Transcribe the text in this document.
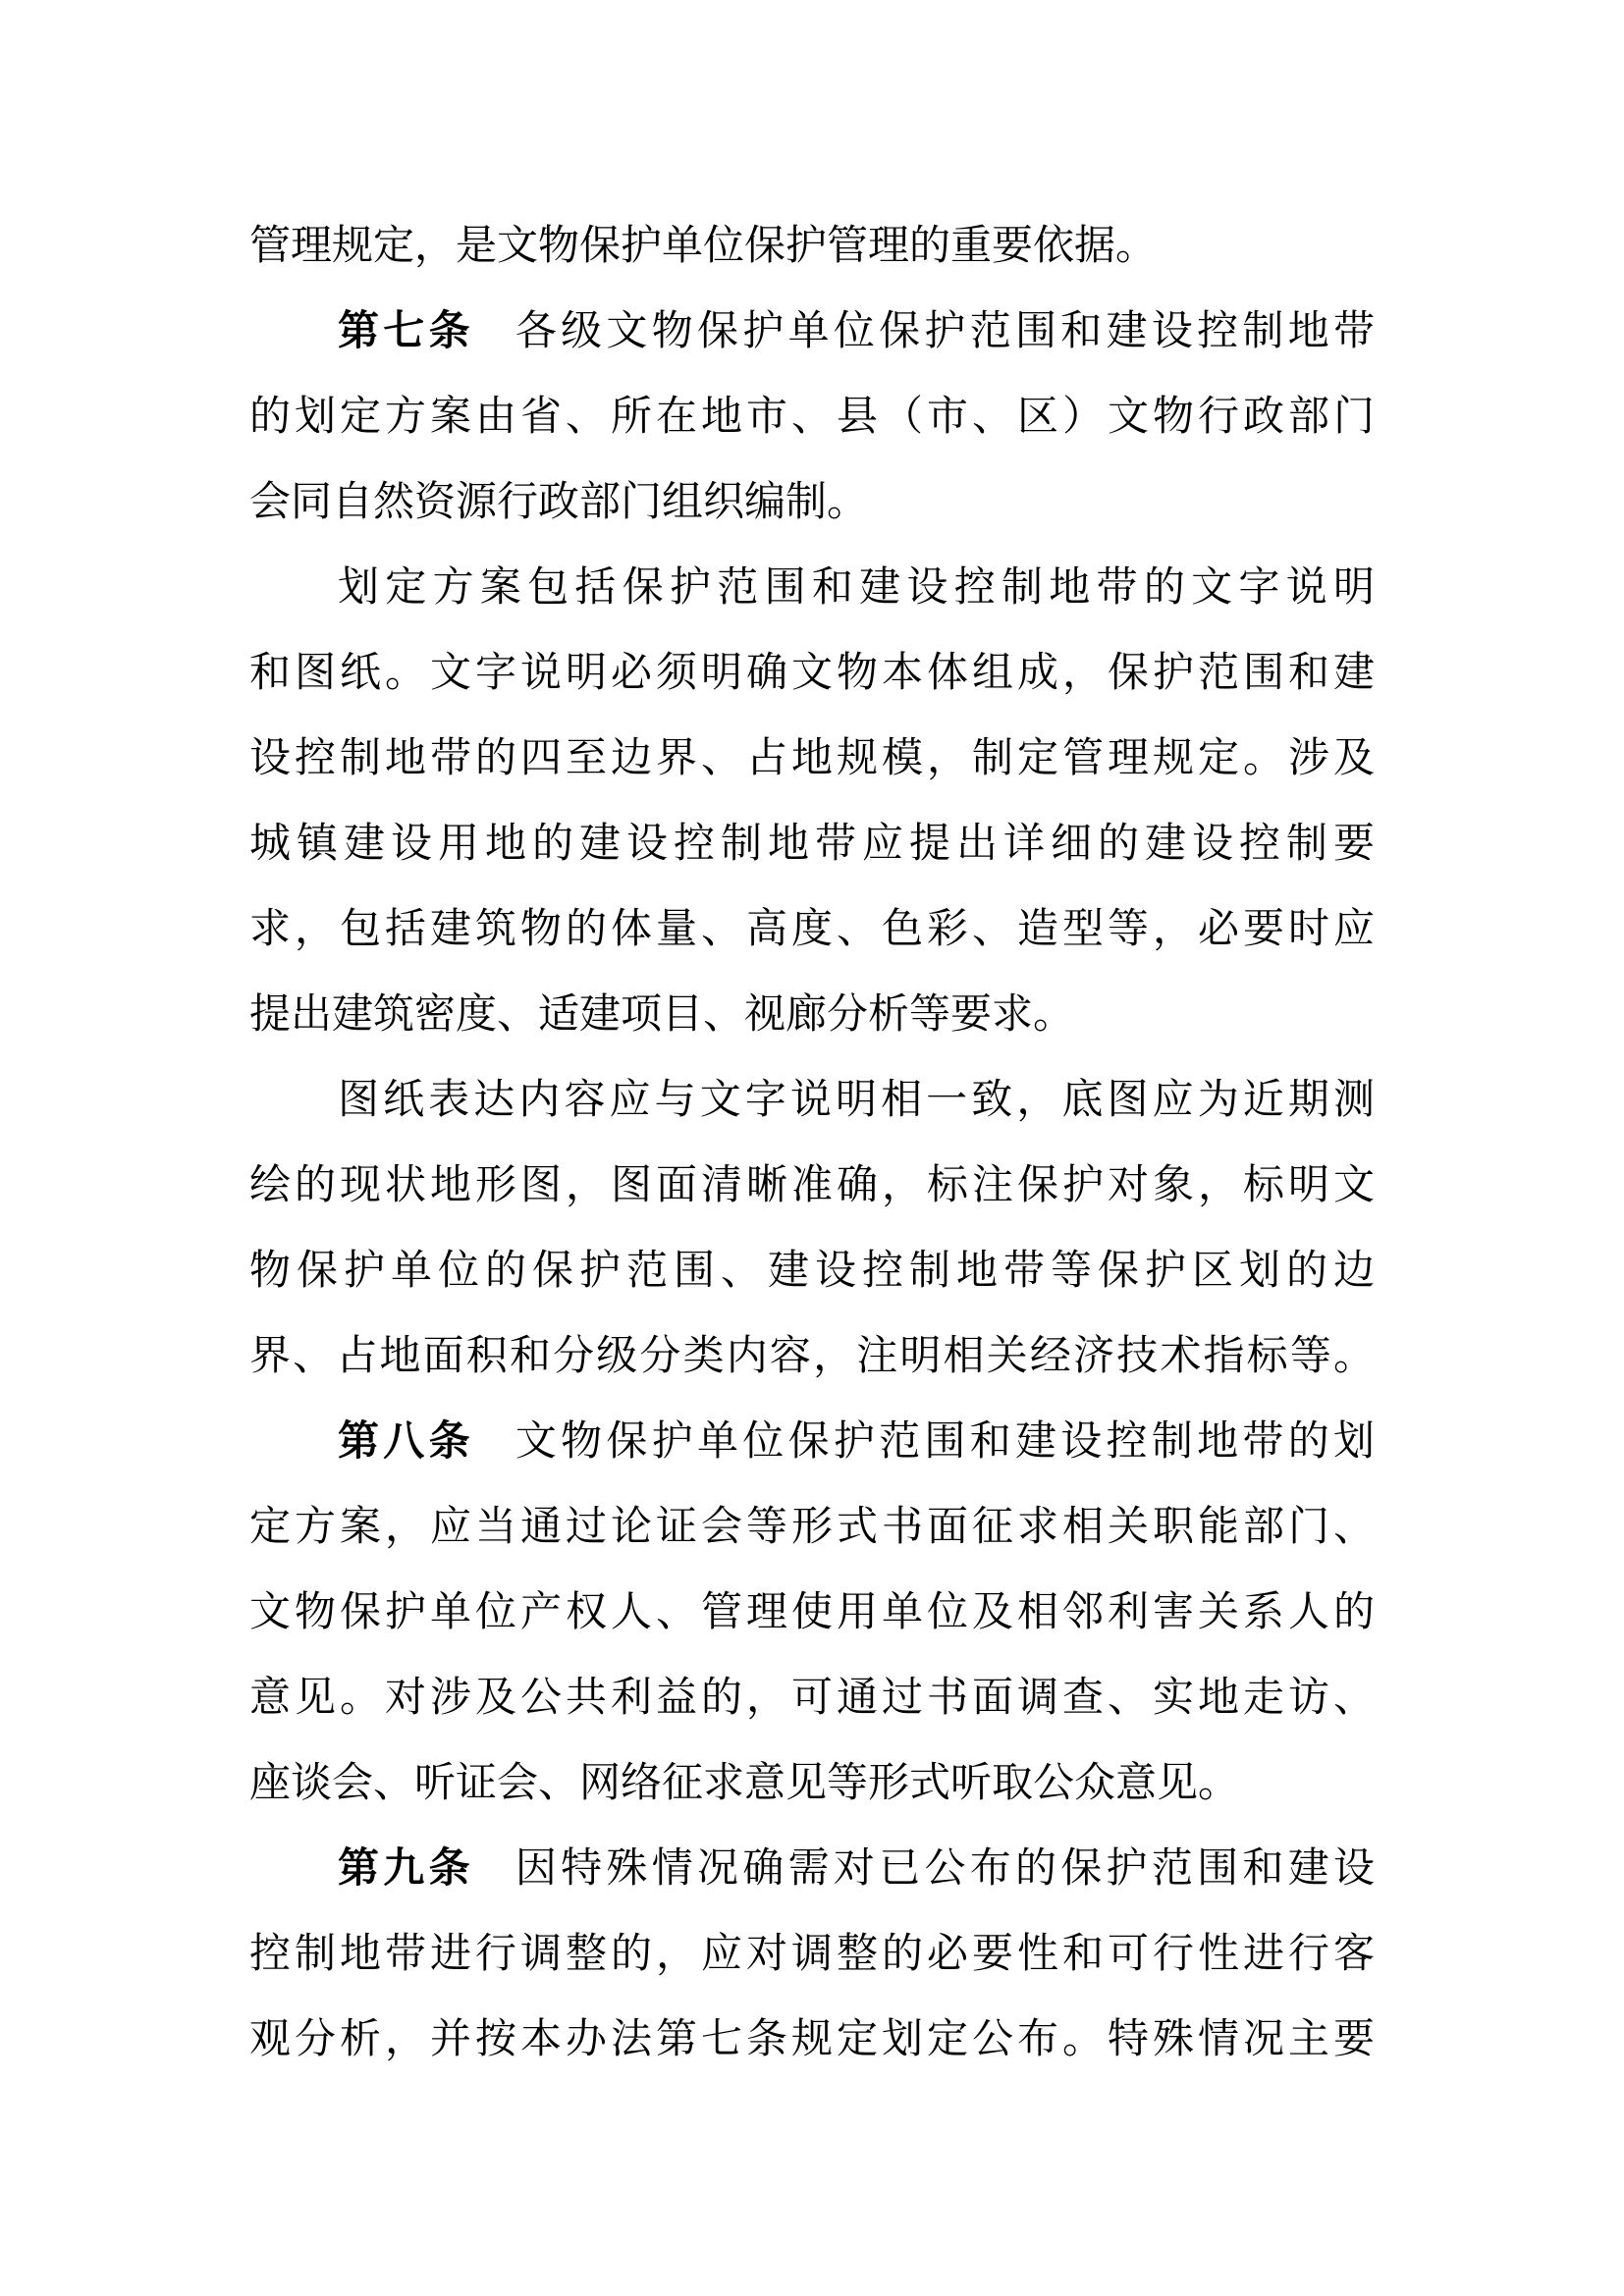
管理规定，是文物保护单位保护管理的重要依据。
第七条 各级文物保护单位保护范围和建设控制地带
的划定方案由省、所在地市、县（市、区）文物行政部门
会同自然资源行政部门组织编制。
划定方案包括保护范围和建设控制地带的文字说明
和图纸。文字说明必须明确文物本体组成，保护范围和建
设控制地带的四至边界、占地规模，制定管理规定。涉及
城镇建设用地的建设控制地带应提出详细的建设控制要
求，包括建筑物的体量、高度、色彩、造型等，必要时应
提出建筑密度、适建项目、视廊分析等要求。
图纸表达内容应与文字说明相一致，底图应为近期测
绘的现状地形图，图面清晰准确，标注保护对象，标明文
物保护单位的保护范围、建设控制地带等保护区划的边
界、占地面积和分级分类内容，注明相关经济技术指标等。
第八条 文物保护单位保护范围和建设控制地带的划
定方案，应当通过论证会等形式书面征求相关职能部门、
文物保护单位产权人、管理使用单位及相邻利害关系人的
意见。对涉及公共利益的，可通过书面调查、实地走访、
座谈会、听证会、网络征求意见等形式听取公众意见。
第九条 因特殊情况确需对已公布的保护范围和建设
控制地带进行调整的，应对调整的必要性和可行性进行客
观分析，并按本办法第七条规定划定公布。特殊情况主要
